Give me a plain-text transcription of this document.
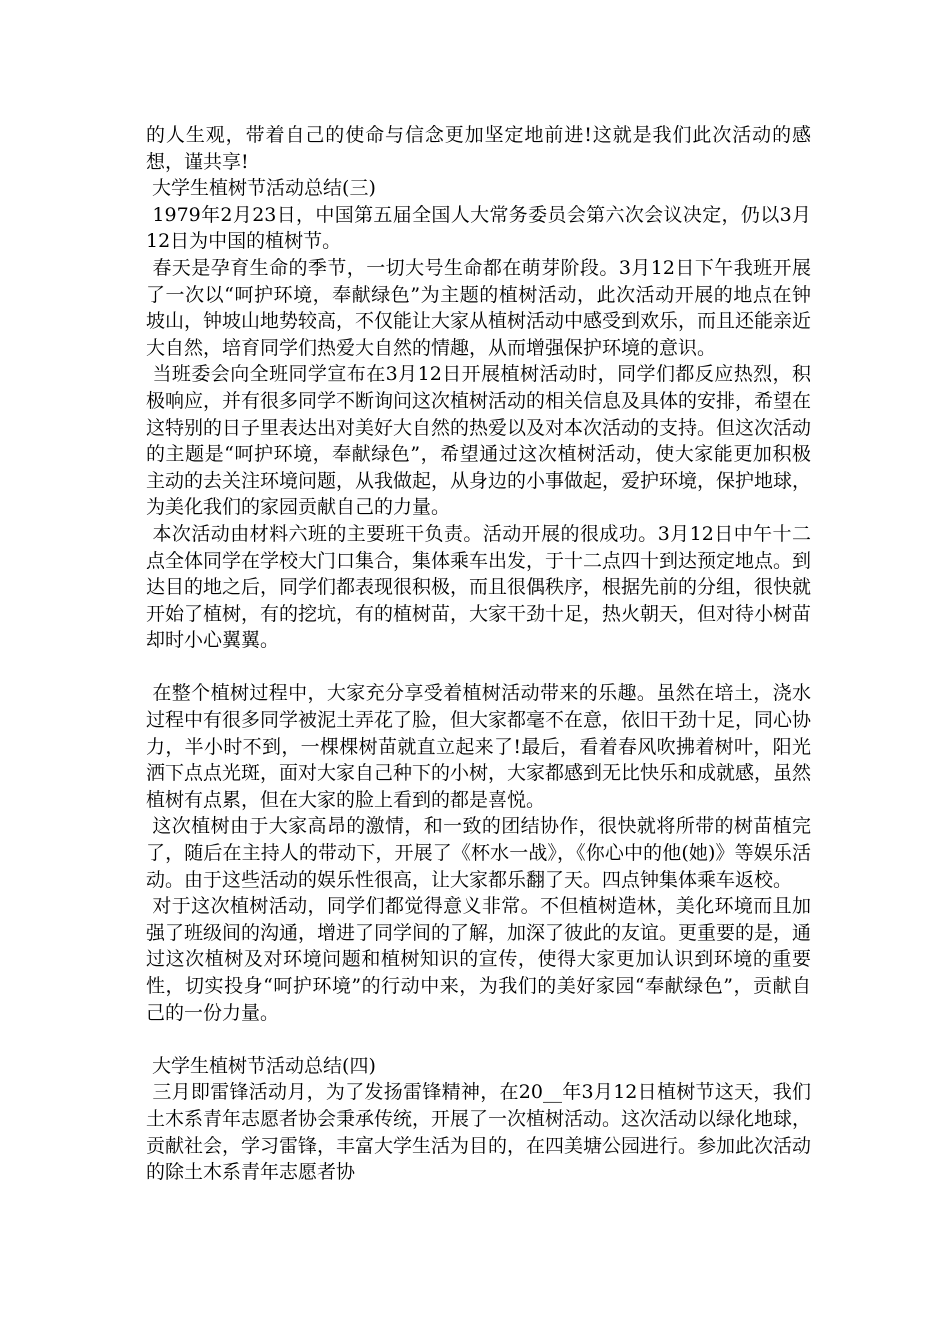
的人生观，带着自己的使命与信念更加坚定地前进!这就是我们此次活动的感想，谨共享!

大学生植树节活动总结(三)

1979年2月23日，中国第五届全国人大常务委员会第六次会议决定，仍以3月12日为中国的植树节。

春天是孕育生命的季节，一切大号生命都在萌芽阶段。3月12日下午我班开展了一次以“呵护环境，奉献绿色”为主题的植树活动，此次活动开展的地点在钟坡山，钟坡山地势较高，不仅能让大家从植树活动中感受到欢乐，而且还能亲近大自然，培育同学们热爱大自然的情趣，从而增强保护环境的意识。

当班委会向全班同学宣布在3月12日开展植树活动时，同学们都反应热烈，积极响应，并有很多同学不断询问这次植树活动的相关信息及具体的安排，希望在这特别的日子里表达出对美好大自然的热爱以及对本次活动的支持。但这次活动的主题是“呵护环境，奉献绿色”，希望通过这次植树活动，使大家能更加积极主动的去关注环境问题，从我做起，从身边的小事做起，爱护环境，保护地球，为美化我们的家园贡献自己的力量。

本次活动由材料六班的主要班干负责。活动开展的很成功。3月12日中午十二点全体同学在学校大门口集合，集体乘车出发，于十二点四十到达预定地点。到达目的地之后，同学们都表现很积极，而且很偶秩序，根据先前的分组，很快就开始了植树，有的挖坑，有的植树苗，大家干劲十足，热火朝天，但对待小树苗却时小心翼翼。

在整个植树过程中，大家充分享受着植树活动带来的乐趣。虽然在培土，浇水过程中有很多同学被泥土弄花了脸，但大家都毫不在意，依旧干劲十足，同心协力，半小时不到，一棵棵树苗就直立起来了!最后，看着春风吹拂着树叶，阳光洒下点点光斑，面对大家自己种下的小树，大家都感到无比快乐和成就感，虽然植树有点累，但在大家的脸上看到的都是喜悦。

这次植树由于大家高昂的激情，和一致的团结协作，很快就将所带的树苗植完了，随后在主持人的带动下，开展了《杯水一战》，《你心中的他(她)》等娱乐活动。由于这些活动的娱乐性很高，让大家都乐翻了天。四点钟集体乘车返校。

对于这次植树活动，同学们都觉得意义非常。不但植树造林，美化环境而且加强了班级间的沟通，增进了同学间的了解，加深了彼此的友谊。更重要的是，通过这次植树及对环境问题和植树知识的宣传，使得大家更加认识到环境的重要性，切实投身“呵护环境”的行动中来，为我们的美好家园“奉献绿色”，贡献自己的一份力量。

大学生植树节活动总结(四)

三月即雷锋活动月，为了发扬雷锋精神，在20__年3月12日植树节这天，我们土木系青年志愿者协会秉承传统，开展了一次植树活动。这次活动以绿化地球，贡献社会，学习雷锋，丰富大学生活为目的，在四美塘公园进行。参加此次活动的除土木系青年志愿者协
